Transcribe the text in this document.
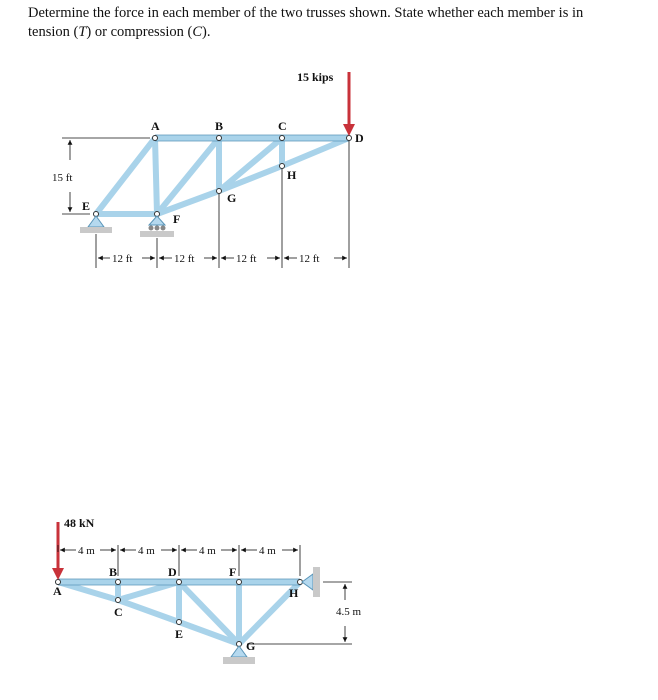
Determine the force in each member of the two trusses shown. State whether each member is in tension (T) or compression (C).
15 ft
12 ft	12 ft	12 ft	12 ft
15 kips
A	B	C
D
E
F
G
H
48 kN
4 m	4 m	4 m	4 m
4.5 m
A
B
C
D
E
F
G
H
